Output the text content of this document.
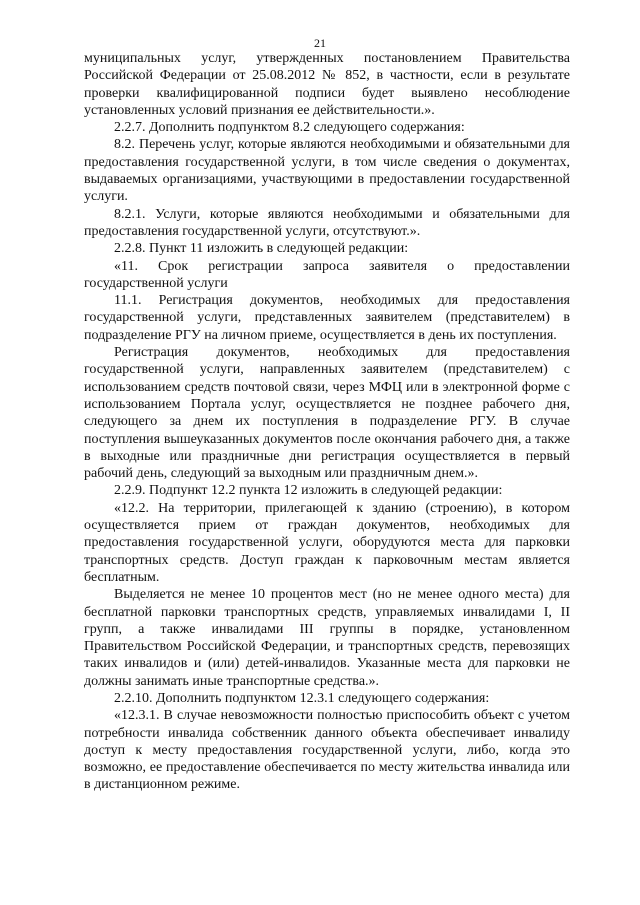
21

муниципальных услуг, утвержденных постановлением Правительства Российской Федерации от 25.08.2012 № 852, в частности, если в результате проверки квалифицированной подписи будет выявлено несоблюдение установленных условий признания ее действительности.».

2.2.7. Дополнить подпунктом 8.2 следующего содержания:

8.2. Перечень услуг, которые являются необходимыми и обязательными для предоставления государственной услуги, в том числе сведения о документах, выдаваемых организациями, участвующими в предоставлении государственной услуги.

8.2.1. Услуги, которые являются необходимыми и обязательными для предоставления государственной услуги, отсутствуют.».

2.2.8. Пункт 11 изложить в следующей редакции:

«11. Срок регистрации запроса заявителя о предоставлении государственной услуги

11.1. Регистрация документов, необходимых для предоставления государственной услуги, представленных заявителем (представителем) в подразделение РГУ на личном приеме, осуществляется в день их поступления.

Регистрация документов, необходимых для предоставления государственной услуги, направленных заявителем (представителем) с использованием средств почтовой связи, через МФЦ или в электронной форме с использованием Портала услуг, осуществляется не позднее рабочего дня, следующего за днем их поступления в подразделение РГУ. В случае поступления вышеуказанных документов после окончания рабочего дня, а также в выходные или праздничные дни регистрация осуществляется в первый рабочий день, следующий за выходным или праздничным днем.».

2.2.9. Подпункт 12.2 пункта 12 изложить в следующей редакции:

«12.2. На территории, прилегающей к зданию (строению), в котором осуществляется прием от граждан документов, необходимых для предоставления государственной услуги, оборудуются места для парковки транспортных средств. Доступ граждан к парковочным местам является бесплатным.

Выделяется не менее 10 процентов мест (но не менее одного места) для бесплатной парковки транспортных средств, управляемых инвалидами I, II групп, а также инвалидами III группы в порядке, установленном Правительством Российской Федерации, и транспортных средств, перевозящих таких инвалидов и (или) детей-инвалидов. Указанные места для парковки не должны занимать иные транспортные средства.».

2.2.10. Дополнить подпунктом 12.3.1 следующего содержания:

«12.3.1. В случае невозможности полностью приспособить объект с учетом потребности инвалида собственник данного объекта обеспечивает инвалиду доступ к месту предоставления государственной услуги, либо, когда это возможно, ее предоставление обеспечивается по месту жительства инвалида или в дистанционном режиме.
